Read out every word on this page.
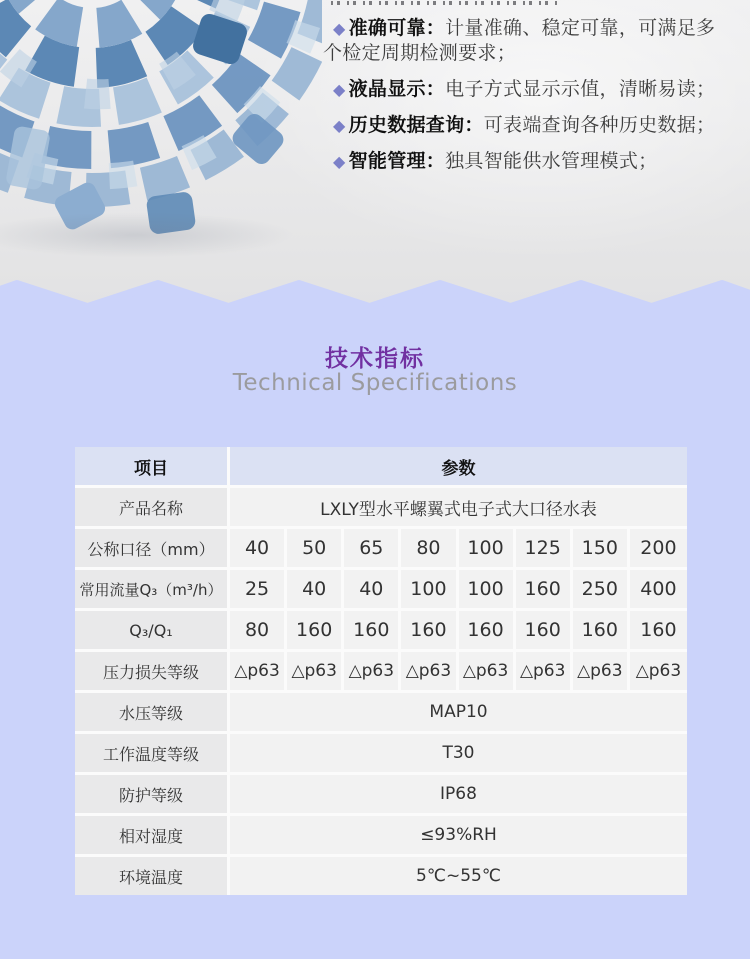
◆ 准确可靠：计量准确、稳定可靠，可满足多个检定周期检测要求；

◆ 液晶显示：电子方式显示示值，清晰易读；

◆ 历史数据查询：可表端查询各种历史数据；

◆ 智能管理：独具智能供水管理模式；

技术指标
Technical Specifications
项目	参数							
产品名称	LXLY型水平螺翼式电子式大口径水表							
公称口径（mm）	40	50	65	80	100	125	150	200
常用流量Q₃（m³/h）	25	40	40	100	100	160	250	400
Q₃/Q₁	80	160	160	160	160	160	160	160
压力损失等级	△p63	△p63	△p63	△p63	△p63	△p63	△p63	△p63
水压等级	MAP10							
工作温度等级	T30							
防护等级	IP68							
相对湿度	≤93%RH							
环境温度	5℃~55℃							
